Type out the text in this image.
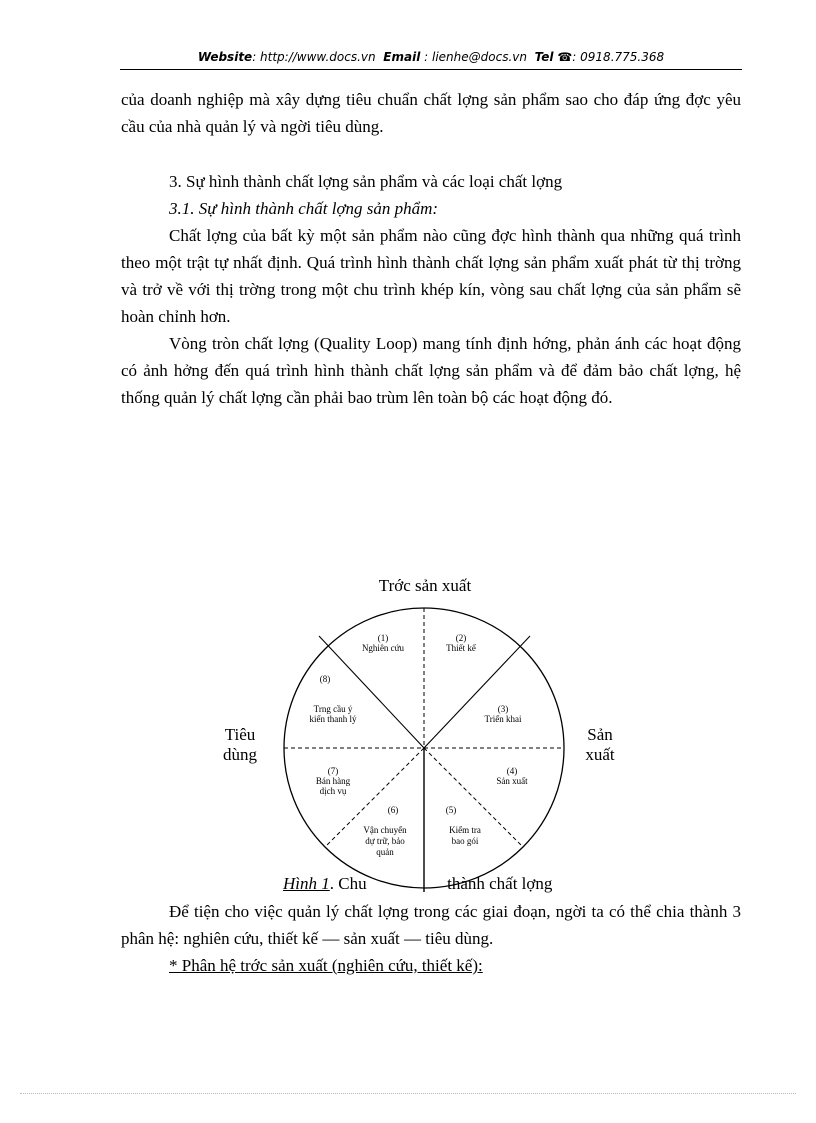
Website: http://www.docs.vn Email : lienhe@docs.vn Tel ☎: 0918.775.368

của doanh nghiệp mà xây dựng tiêu chuẩn chất lợng sản phẩm sao cho đáp ứng đợc yêu cầu của nhà quản lý và ngời tiêu dùng.

3. Sự hình thành chất lợng sản phẩm và các loại chất lợng
3.1. Sự hình thành chất lợng sản phẩm:

Chất lợng của bất kỳ một sản phẩm nào cũng đợc hình thành qua những quá trình theo một trật tự nhất định. Quá trình hình thành chất lợng sản phẩm xuất phát từ thị trờng và trở về với thị trờng trong một chu trình khép kín, vòng sau chất lợng của sản phẩm sẽ hoàn chỉnh hơn.

Vòng tròn chất lợng (Quality Loop) mang tính định hớng, phản ánh các hoạt động có ảnh hởng đến quá trình hình thành chất lợng sản phẩm và để đảm bảo chất lợng, hệ thống quản lý chất lợng cần phải bao trùm lên toàn bộ các hoạt động đó.

Trớc sản xuất
Tiêu
dùng
Sản
xuất
(1)
Nghiên cứu
(2)
Thiết kế
(3)
Triển khai
(4)
Sản xuất
(5)
Kiểm tra
bao gói
(6)
Vận chuyển
dự trữ, bảo
quản
(7)
Bán hàng
dịch vụ
(8)
Trng cầu ý
kiến thanh lý
Hình 1. Chu	thành chất lợng

Để tiện cho việc quản lý chất lợng trong các giai đoạn, ngời ta có thể chia thành 3 phân hệ: nghiên cứu, thiết kế — sản xuất — tiêu dùng.

* Phân hệ trớc sản xuất (nghiên cứu, thiết kế):
